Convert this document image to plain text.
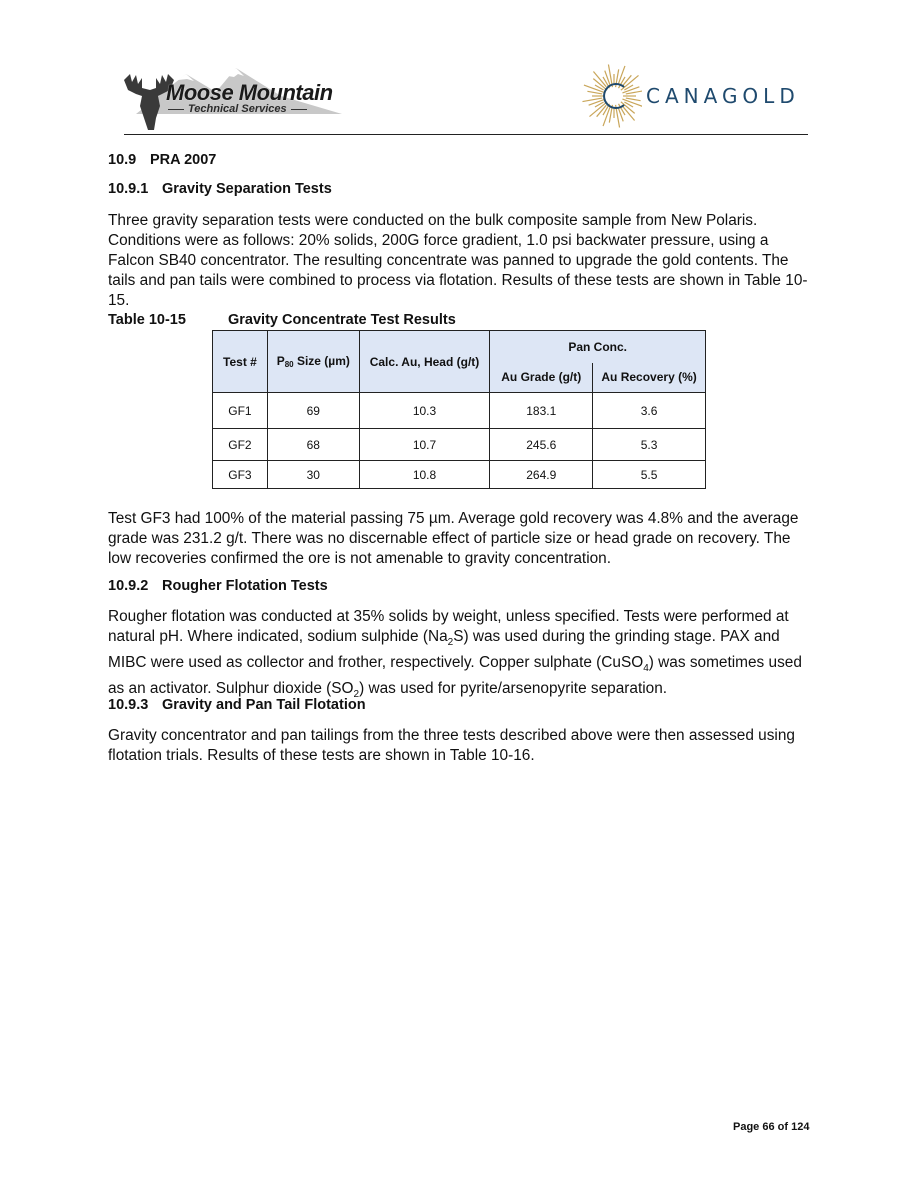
Moose Mountain
Technical Services
CANAGOLD
10.9 PRA 2007
10.9.1 Gravity Separation Tests

Three gravity separation tests were conducted on the bulk composite sample from New Polaris. Conditions were as follows: 20% solids, 200G force gradient, 1.0 psi backwater pressure, using a Falcon SB40 concentrator. The resulting concentrate was panned to upgrade the gold contents. The tails and pan tails were combined to process via flotation. Results of these tests are shown in Table 10-15.

Table 10-15	Gravity Concentrate Test Results
Test #	P80 Size (µm)	Calc. Au, Head (g/t)	Pan Conc.	
			Au Grade (g/t)	Au Recovery (%)
GF1	69	10.3	183.1	3.6
GF2	68	10.7	245.6	5.3
GF3	30	10.8	264.9	5.5

Test GF3 had 100% of the material passing 75 µm. Average gold recovery was 4.8% and the average grade was 231.2 g/t. There was no discernable effect of particle size or head grade on recovery. The low recoveries confirmed the ore is not amenable to gravity concentration.

10.9.2 Rougher Flotation Tests

Rougher flotation was conducted at 35% solids by weight, unless specified. Tests were performed at natural pH. Where indicated, sodium sulphide $(Na_2S)$ was used during the grinding stage. PAX and MIBC were used as collector and frother, respectively. Copper sulphate (CuSO$_4$) was sometimes used as an activator. Sulphur dioxide $(SO_2)$ was used for pyrite/arsenopyrite separation.

10.9.3 Gravity and Pan Tail Flotation

Gravity concentrator and pan tailings from the three tests described above were then assessed using flotation trials. Results of these tests are shown in Table 10-16.

Page 66 of 124
